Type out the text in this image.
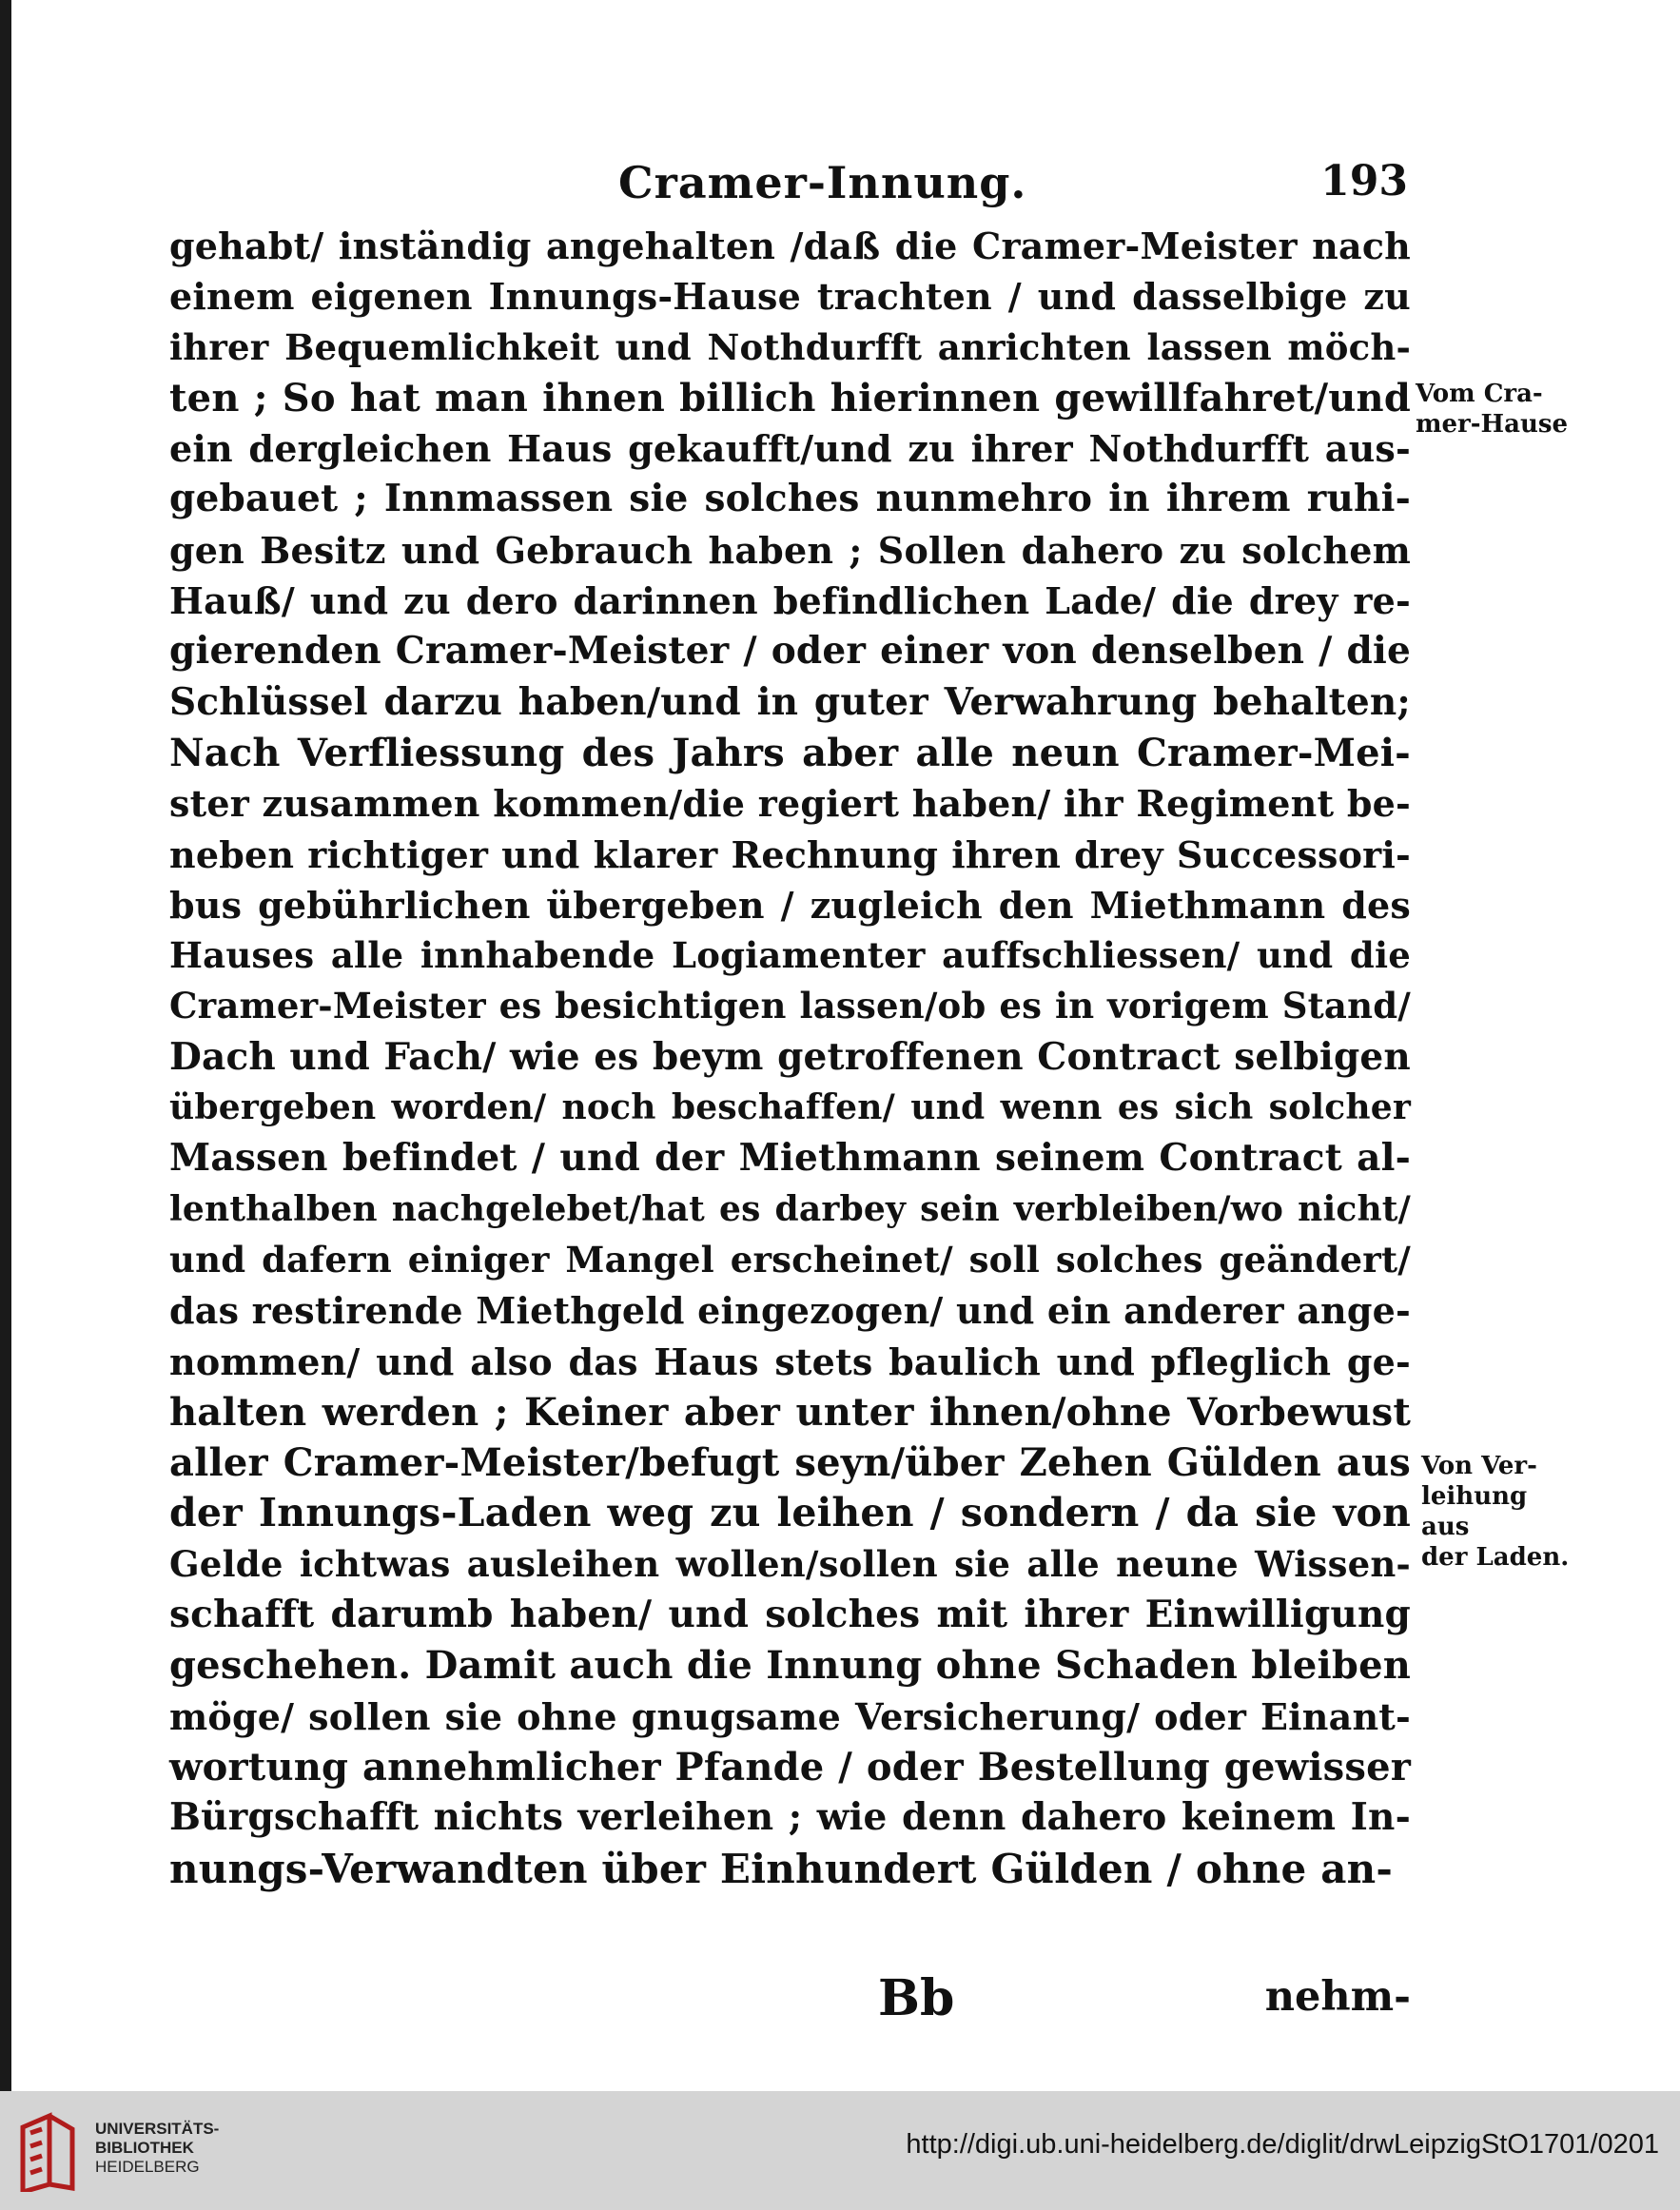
Cramer-Innung.	193
gehabt/ inständig angehalten /daß die Cramer-Meister nach
einem eigenen Innungs-Hause trachten / und dasselbige zu
ihrer Bequemlichkeit und Nothdurfft anrichten lassen möch-
ten ; So hat man ihnen billich hierinnen gewillfahret/und
ein dergleichen Haus gekaufft/und zu ihrer Nothdurfft aus-
gebauet ; Innmassen sie solches nunmehro in ihrem ruhi-
gen Besitz und Gebrauch haben ; Sollen dahero zu solchem
Hauß/ und zu dero darinnen befindlichen Lade/ die drey re-
gierenden Cramer-Meister / oder einer von denselben / die
Schlüssel darzu haben/und in guter Verwahrung behalten;
Nach Verfliessung des Jahrs aber alle neun Cramer-Mei-
ster zusammen kommen/die regiert haben/ ihr Regiment be-
neben richtiger und klarer Rechnung ihren drey Successori-
bus gebührlichen übergeben / zugleich den Miethmann des
Hauses alle innhabende Logiamenter auffschliessen/ und die
Cramer-Meister es besichtigen lassen/ob es in vorigem Stand/
Dach und Fach/ wie es beym getroffenen Contract selbigen
übergeben worden/ noch beschaffen/ und wenn es sich solcher
Massen befindet / und der Miethmann seinem Contract al-
lenthalben nachgelebet/hat es darbey sein verbleiben/wo nicht/
und dafern einiger Mangel erscheinet/ soll solches geändert/
das restirende Miethgeld eingezogen/ und ein anderer ange-
nommen/ und also das Haus stets baulich und pfleglich ge-
halten werden ; Keiner aber unter ihnen/ohne Vorbewust
aller Cramer-Meister/befugt seyn/über Zehen Gülden aus
der Innungs-Laden weg zu leihen / sondern / da sie von
Gelde ichtwas ausleihen wollen/sollen sie alle neune Wissen-
schafft darumb haben/ und solches mit ihrer Einwilligung
geschehen. Damit auch die Innung ohne Schaden bleiben
möge/ sollen sie ohne gnugsame Versicherung/ oder Einant-
wortung annehmlicher Pfande / oder Bestellung gewisser
Bürgschafft nichts verleihen ; wie denn dahero keinem In-
nungs-Verwandten über Einhundert Gülden / ohne an-
Vom Cra-
mer-Hause
Von Ver-
leihung aus
der Laden.
Bb	nehm-
UNIVERSITÄTS-
BIBLIOTHEK
HEIDELBERG
http://digi.ub.uni-heidelberg.de/diglit/drwLeipzigStO1701/0201
